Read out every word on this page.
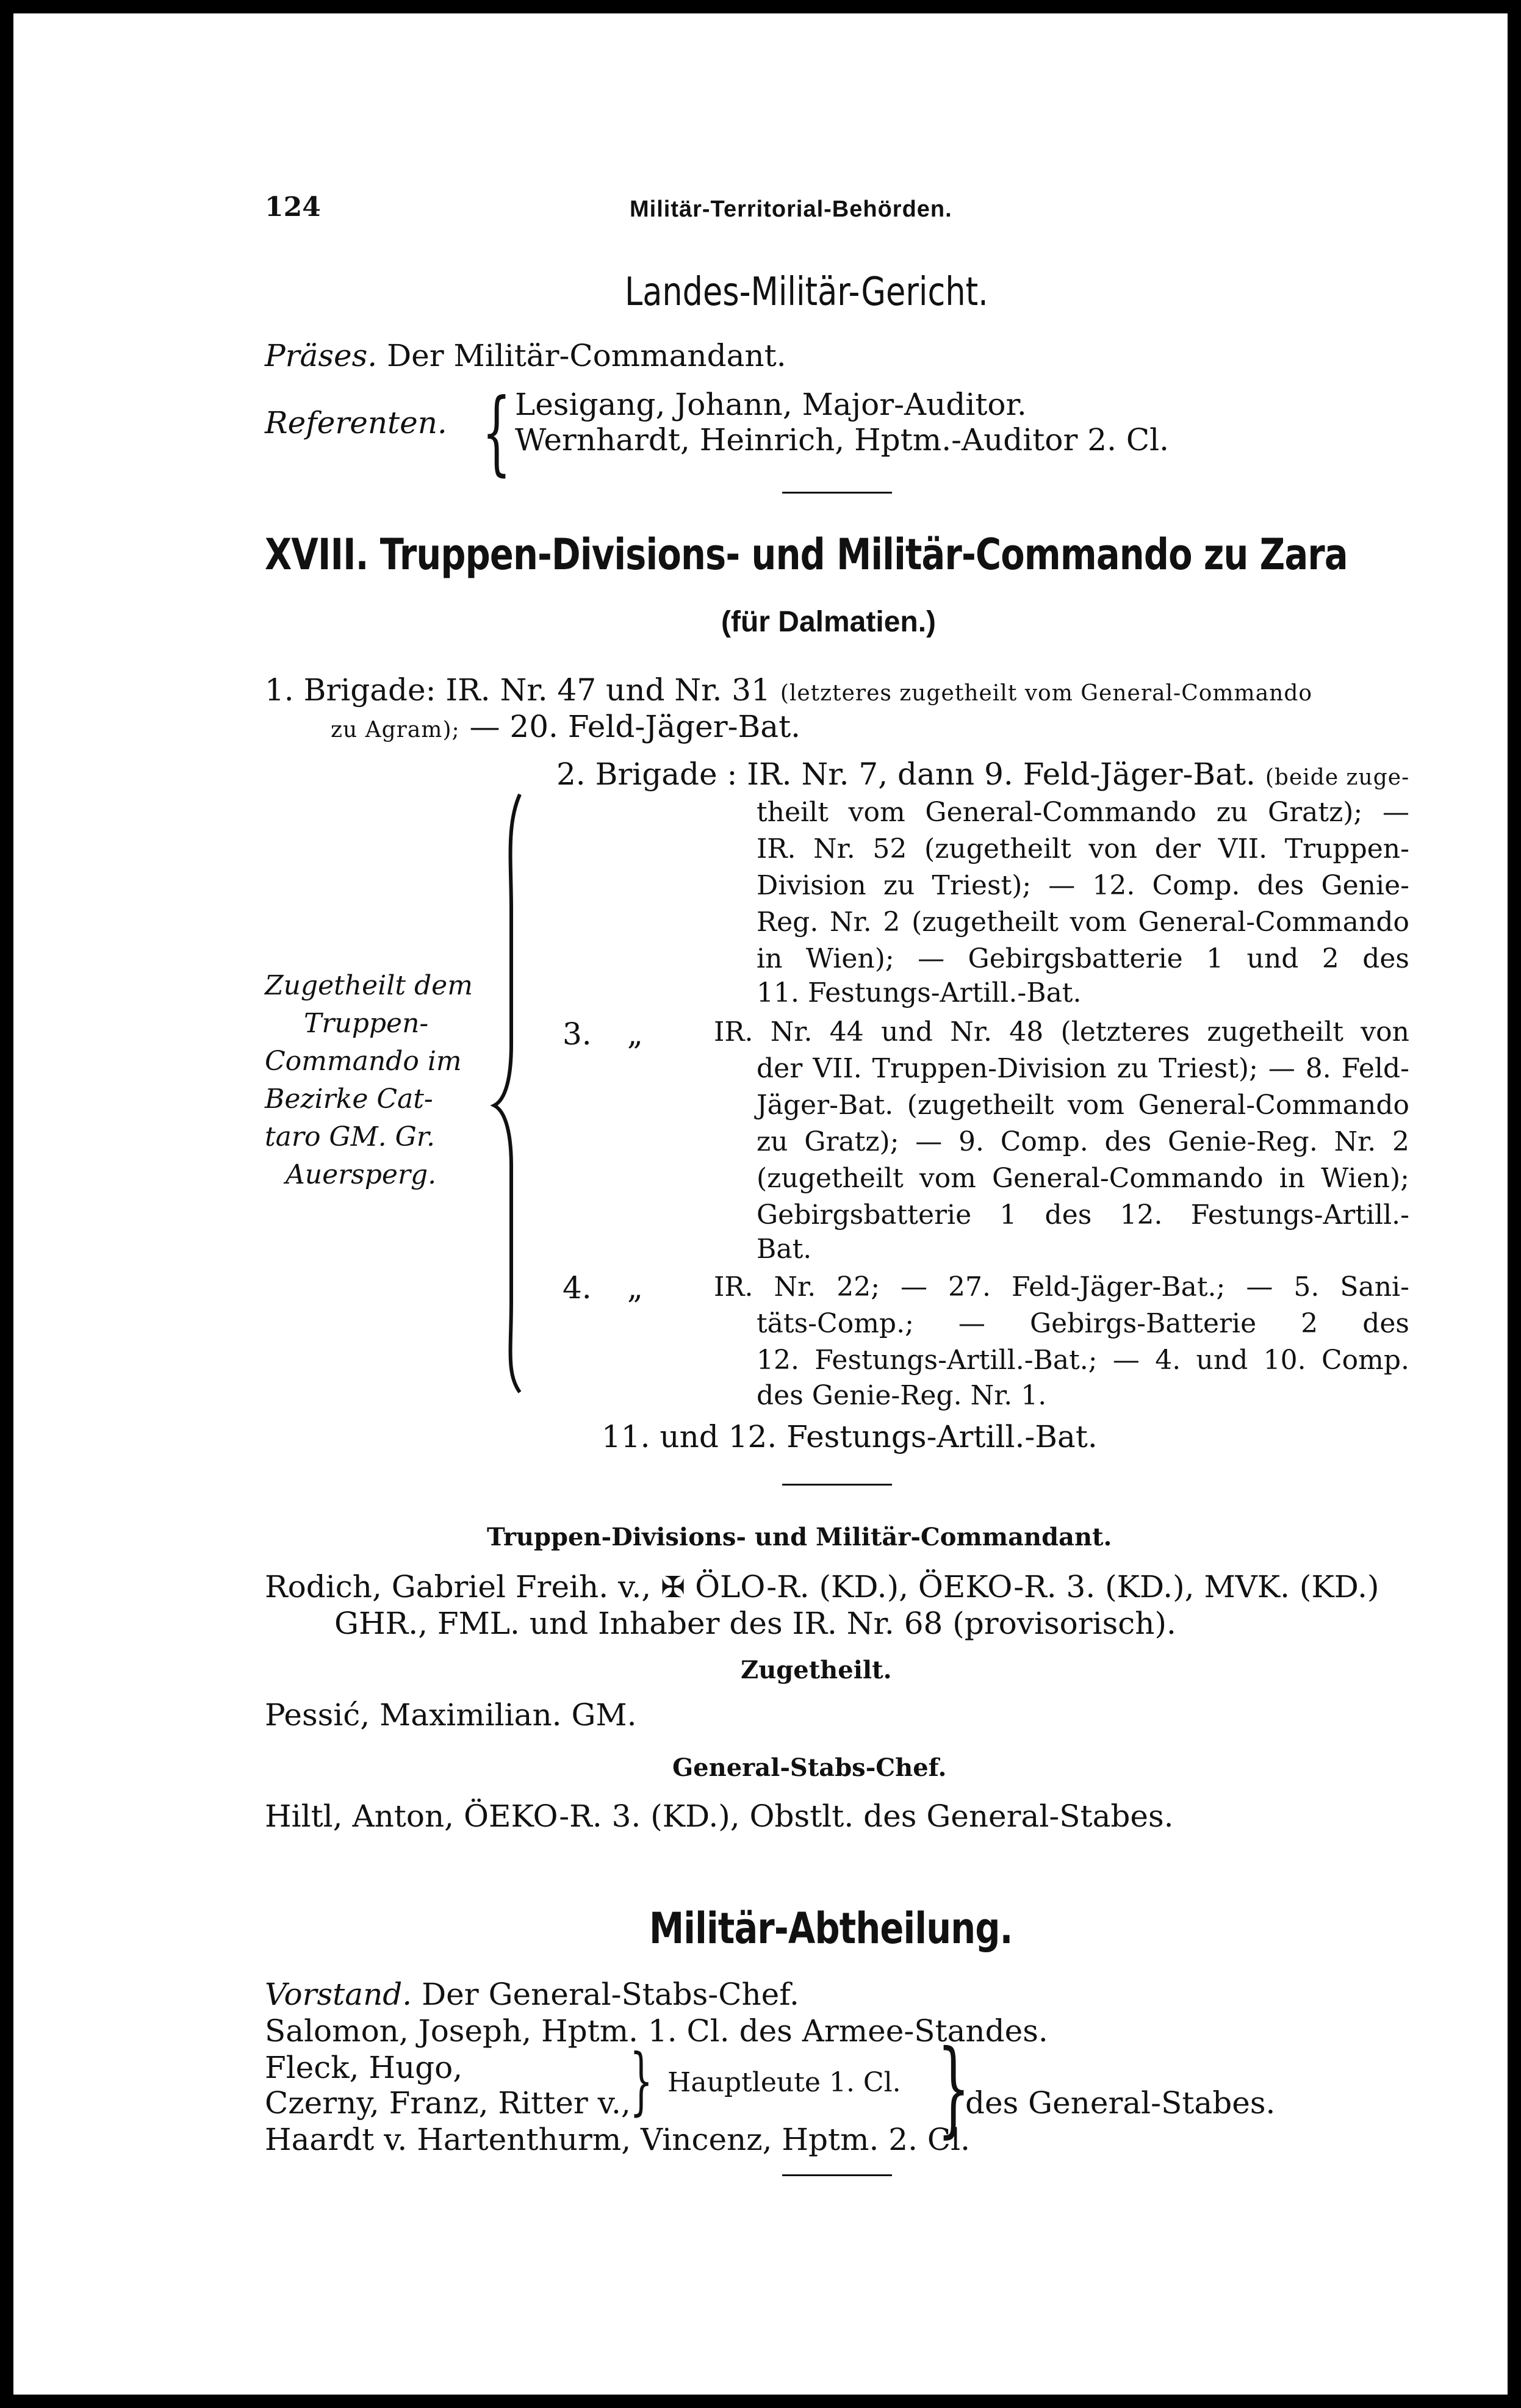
124	Militär-Territorial-Behörden.
Landes-Militär-Gericht.
Präses. Der Militär-Commandant.
Referenten. { Lesigang, Johann, Major-Auditor.
Wernhardt, Heinrich, Hptm.-Auditor 2. Cl.
XVIII. Truppen-Divisions- und Militär-Commando zu Zara
(für Dalmatien.)
1. Brigade: IR. Nr. 47 und Nr. 31 (letzteres zugetheilt vom General-Commando
zu Agram); — 20. Feld-Jäger-Bat.
Zugetheilt dem
Truppen-
Commando im
Bezirke Cat-
taro GM. Gr.
Auersperg.
2. Brigade : IR. Nr. 7, dann 9. Feld-Jäger-Bat. (beide zuge-
theilt vom General-Commando zu Gratz); —
IR. Nr. 52 (zugetheilt von der VII. Truppen-
Division zu Triest); — 12. Comp. des Genie-
Reg. Nr. 2 (zugetheilt vom General-Commando
in Wien); — Gebirgsbatterie 1 und 2 des
11. Festungs-Artill.-Bat.
3. „	IR. Nr. 44 und Nr. 48 (letzteres zugetheilt von
der VII. Truppen-Division zu Triest); — 8. Feld-
Jäger-Bat. (zugetheilt vom General-Commando
zu Gratz); — 9. Comp. des Genie-Reg. Nr. 2
(zugetheilt vom General-Commando in Wien);
Gebirgsbatterie 1 des 12. Festungs-Artill.-
Bat.
4. „	IR. Nr. 22; — 27. Feld-Jäger-Bat.; — 5. Sani-
täts-Comp.; — Gebirgs-Batterie 2 des
12. Festungs-Artill.-Bat.; — 4. und 10. Comp.
des Genie-Reg. Nr. 1.
11. und 12. Festungs-Artill.-Bat.
Truppen-Divisions- und Militär-Commandant.
Rodich, Gabriel Freih. v., ✠ ÖLO-R. (KD.), ÖEKO-R. 3. (KD.), MVK. (KD.)
GHR., FML. und Inhaber des IR. Nr. 68 (provisorisch).
Zugetheilt.
Pessić, Maximilian. GM.
General-Stabs-Chef.
Hiltl, Anton, ÖEKO-R. 3. (KD.), Obstlt. des General-Stabes.
Militär-Abtheilung.
Vorstand. Der General-Stabs-Chef.
Salomon, Joseph, Hptm. 1. Cl. des Armee-Standes.
Fleck, Hugo,
Czerny, Franz, Ritter v.,
Haardt v. Hartenthurm, Vincenz, Hptm. 2. Cl.
} Hauptleute 1. Cl. }
des General-Stabes.
